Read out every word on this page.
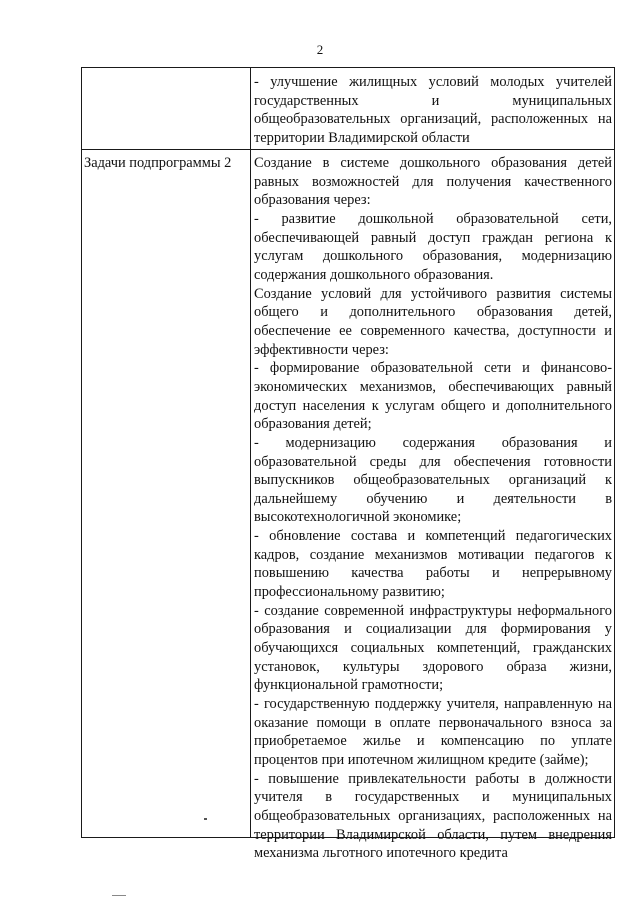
2

- улучшение жилищных условий молодых учителей государственных и муниципальных общеобразовательных организаций, расположенных на территории Владимирской области

Задачи подпрограммы 2	Создание в системе дошкольного образования детей равных возможностей для получения качественного образования через:

- развитие дошкольной образовательной сети, обеспечивающей равный доступ граждан региона к услугам дошкольного образования, модернизацию содержания дошкольного образования.

Создание условий для устойчивого развития системы общего и дополнительного образования детей, обеспечение ее современного качества, доступности и эффективности через:

- формирование образовательной сети и финансово-экономических механизмов, обеспечивающих равный доступ населения к услугам общего и дополнительного образования детей;

- модернизацию содержания образования и образовательной среды для обеспечения готовности выпускников общеобразовательных организаций к дальнейшему обучению и деятельности в высокотехнологичной экономике;

- обновление состава и компетенций педагогических кадров, создание механизмов мотивации педагогов к повышению качества работы и непрерывному профессиональному развитию;

- создание современной инфраструктуры неформального образования и социализации для формирования у обучающихся социальных компетенций, гражданских установок, культуры здорового образа жизни, функциональной грамотности;

- государственную поддержку учителя, направленную на оказание помощи в оплате первоначального взноса за приобретаемое жилье и компенсацию по уплате процентов при ипотечном жилищном кредите (займе);

- повышение привлекательности работы в должности учителя в государственных и муниципальных общеобразовательных организациях, расположенных на территории Владимирской области, путем внедрения механизма льготного ипотечного кредита
